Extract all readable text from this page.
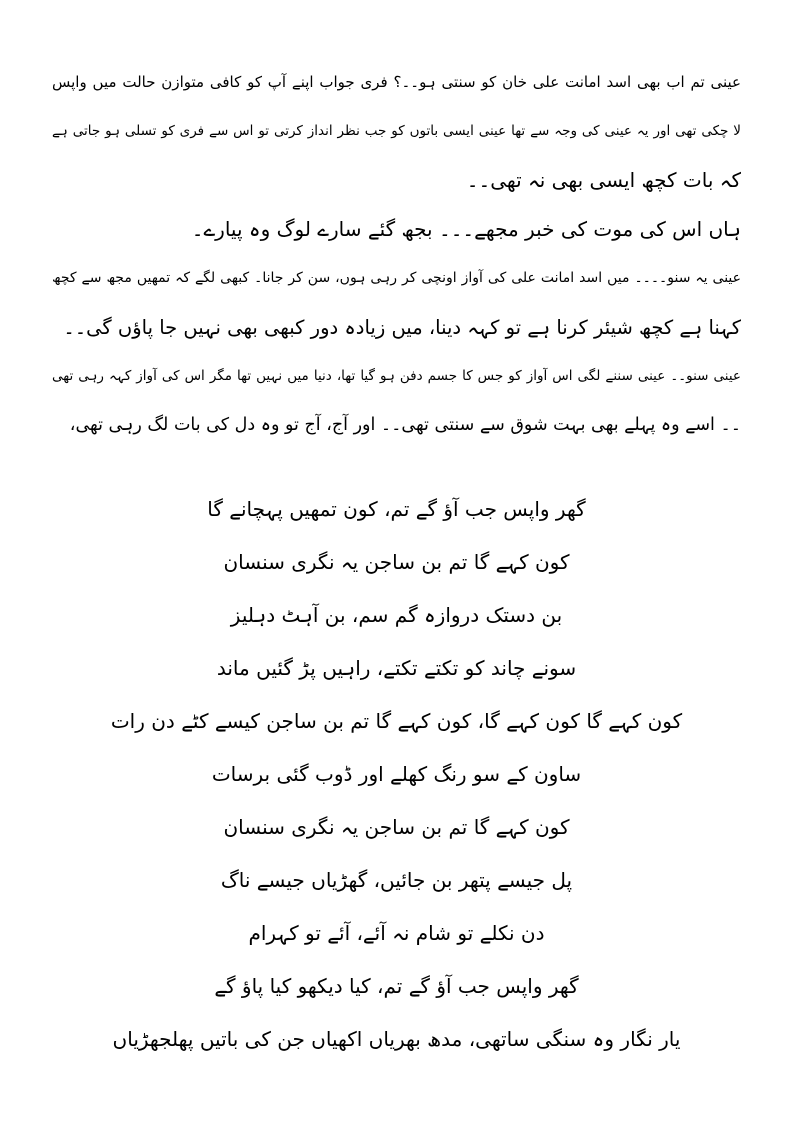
عینی تم اب بھی اسد امانت علی خان کو سنتی ہو۔۔؟ فری جواب اپنے آپ کو کافی متوازن حالت میں واپس
لا چکی تھی اور یہ عینی کی وجہ سے تھا عینی ایسی باتوں کو جب نظر انداز کرتی تو اس سے فری کو تسلی ہو جاتی ہے
کہ بات کچھ ایسی بھی نہ تھی۔۔
ہاں اس کی موت کی خبر مجھے۔۔۔ بجھ گئے سارے لوگ وہ پیارے۔
عینی یہ سنو۔۔۔۔ میں اسد امانت علی کی آواز اونچی کر رہی ہوں، سن کر جانا۔ کبھی لگے کہ تمھیں مجھ سے کچھ
کہنا ہے کچھ شیئر کرنا ہے تو کہہ دینا، میں زیادہ دور کبھی بھی نہیں جا پاؤں گی۔۔
عینی سنو۔۔ عینی سننے لگی اس آواز کو جس کا جسم دفن ہو گیا تھا، دنیا میں نہیں تھا مگر اس کی آواز کہہ رہی تھی
۔۔ اسے وہ پہلے بھی بہت شوق سے سنتی تھی۔۔ اور آج، آج تو وہ دل کی بات لگ رہی تھی،
گھر واپس جب آؤ گے تم، کون تمھیں پہچانے گا
کون کہے گا تم بن ساجن یہ نگری سنسان
بن دستک دروازہ گم سم، بن آہٹ دہلیز
سونے چاند کو تکتے تکتے، راہیں پڑ گئیں ماند
کون کہے گا کون کہے گا، کون کہے گا تم بن ساجن کیسے کٹے دن رات
ساون کے سو رنگ کھلے اور ڈوب گئی برسات
کون کہے گا تم بن ساجن یہ نگری سنسان
پل جیسے پتھر بن جائیں، گھڑیاں جیسے ناگ
دن نکلے تو شام نہ آئے، آئے تو کہرام
گھر واپس جب آؤ گے تم، کیا دیکھو کیا پاؤ گے
یار نگار وہ سنگی ساتھی، مدھ بھریاں اکھیاں جن کی باتیں پھلجھڑیاں
